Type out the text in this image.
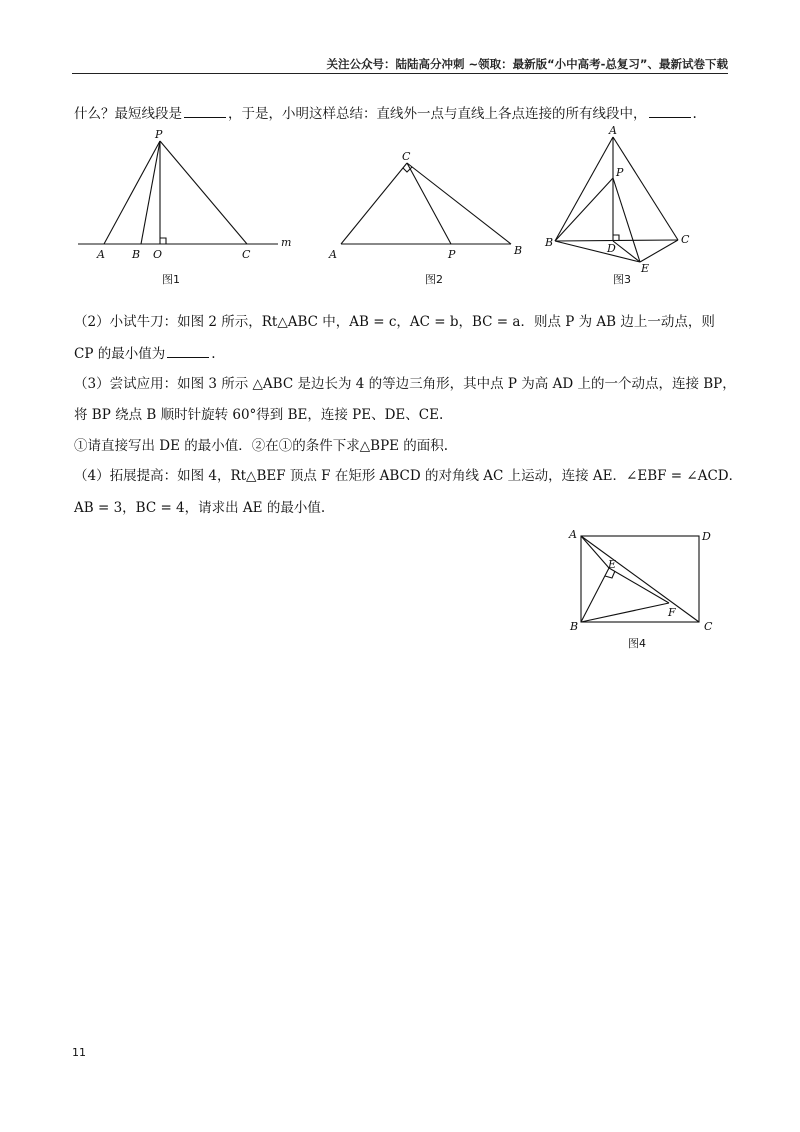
关注公众号：陆陆高分冲刺 ~领取：最新版“小中高考-总复习”、最新试卷下载
什么？最短线段是	，于是，小明这样总结：直线外一点与直线上各点连接的所有线段中，	.
P
A B O	C
m
图1
C
A	P	B
图2
A
P
B	D
C
E
图3
（2）小试牛刀：如图 2 所示，Rt△ABC 中，AB = c，AC = b，BC = a．则点 P 为 AB 边上一动点，则
CP 的最小值为	.
（3）尝试应用：如图 3 所示 △ABC 是边长为 4 的等边三角形，其中点 P 为高 AD 上的一个动点，连接 BP，
将 BP 绕点 B 顺时针旋转 60°得到 BE，连接 PE、DE、CE.
①请直接写出 DE 的最小值．②在①的条件下求△BPE 的面积.
（4）拓展提高：如图 4，Rt△BEF 顶点 F 在矩形 ABCD 的对角线 AC 上运动，连接 AE．∠EBF = ∠ACD．
AB = 3，BC = 4，请求出 AE 的最小值.
A	D
E
F
B	C
图4
11
